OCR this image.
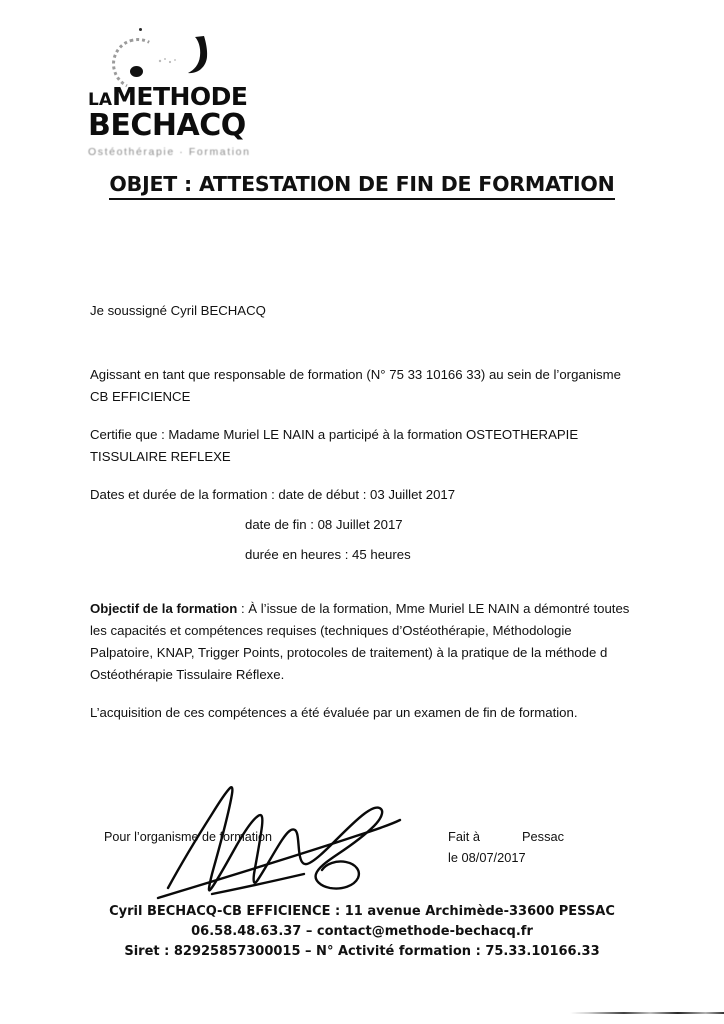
LAMETHODE
BECHACQ
Ostéothérapie · Formation
OBJET : ATTESTATION DE FIN DE FORMATION

Je soussigné Cyril BECHACQ

Agissant en tant que responsable de formation (N° 75 33 10166 33) au sein de l’organisme

CB EFFICIENCE

Certifie que : Madame Muriel LE NAIN a participé à la formation OSTEOTHERAPIE

TISSULAIRE REFLEXE

Dates et durée de la formation : date de début : 03 Juillet 2017

date de fin : 08 Juillet 2017

durée en heures : 45 heures

Objectif de la formation : À l’issue de la formation, Mme Muriel LE NAIN a démontré toutes

les capacités et compétences requises (techniques d’Ostéothérapie, Méthodologie

Palpatoire, KNAP, Trigger Points, protocoles de traitement) à la pratique de la méthode d

Ostéothérapie Tissulaire Réflexe.

L’acquisition de ces compétences a été évaluée par un examen de fin de formation.

Pour l’organisme de formation	Fait à	Pessac
le 08/07/2017
Cyril BECHACQ-CB EFFICIENCE : 11 avenue Archimède-33600 PESSAC
06.58.48.63.37 – contact@methode-bechacq.fr
Siret : 82925857300015 – N° Activité formation : 75.33.10166.33
